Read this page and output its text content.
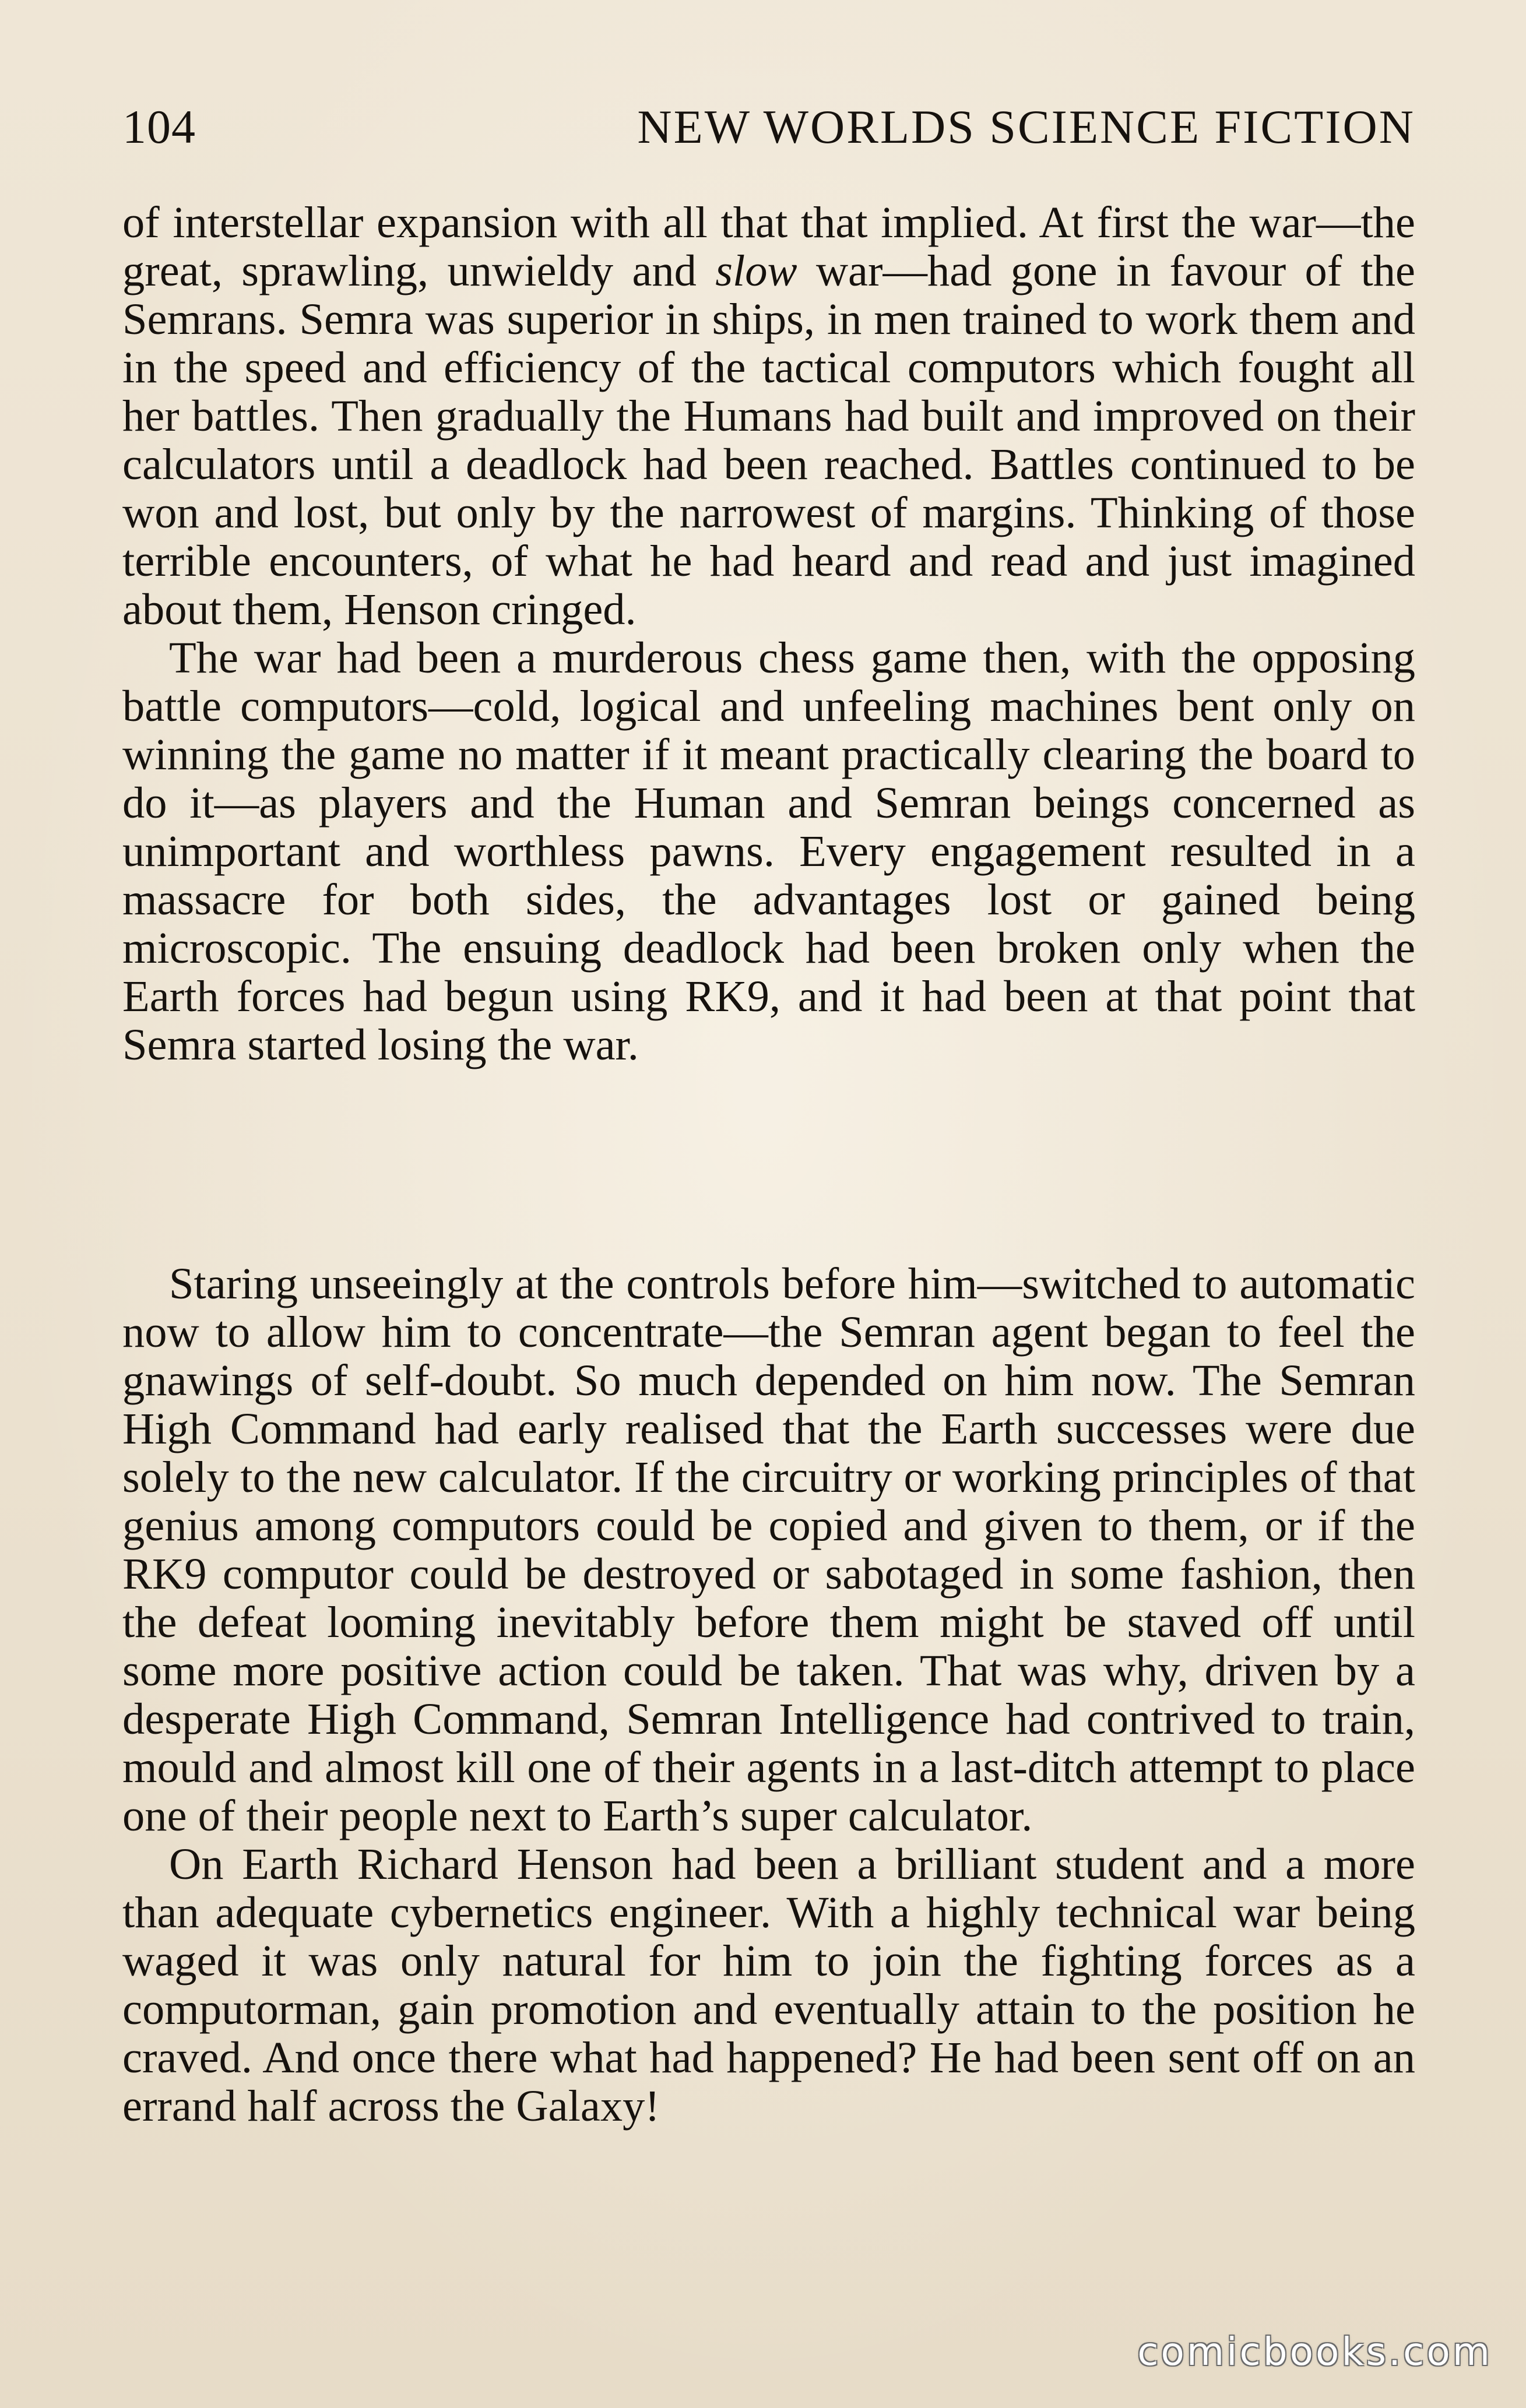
104	NEW WORLDS SCIENCE FICTION

of interstellar expansion with all that that implied. At first the war—the great, sprawling, unwieldy and slow war—had gone in favour of the Semrans. Semra was superior in ships, in men trained to work them and in the speed and efficiency of the tactical computors which fought all her battles. Then gradually the Humans had built and improved on their calculators until a deadlock had been reached. Battles continued to be won and lost, but only by the narrowest of margins. Thinking of those terrible encounters, of what he had heard and read and just imagined about them, Henson cringed.

The war had been a murderous chess game then, with the opposing battle computors—cold, logical and unfeeling machines bent only on winning the game no matter if it meant practically clearing the board to do it—as players and the Human and Semran beings concerned as unimportant and worthless pawns. Every engagement resulted in a massacre for both sides, the advantages lost or gained being microscopic. The ensuing deadlock had been broken only when the Earth forces had begun using RK9, and it had been at that point that Semra started losing the war.

Staring unseeingly at the controls before him—switched to automatic now to allow him to concentrate—the Semran agent began to feel the gnawings of self-doubt. So much depended on him now. The Semran High Command had early realised that the Earth successes were due solely to the new calculator. If the circuitry or working principles of that genius among computors could be copied and given to them, or if the RK9 computor could be destroyed or sabotaged in some fashion, then the defeat looming inevitably before them might be staved off until some more positive action could be taken. That was why, driven by a desperate High Command, Semran Intelligence had contrived to train, mould and almost kill one of their agents in a last-ditch attempt to place one of their people next to Earth’s super calculator.

On Earth Richard Henson had been a brilliant student and a more than adequate cybernetics engineer. With a highly technical war being waged it was only natural for him to join the fighting forces as a computorman, gain promotion and eventually attain to the position he craved. And once there what had happened? He had been sent off on an errand half across the Galaxy!

comicbooks.com
